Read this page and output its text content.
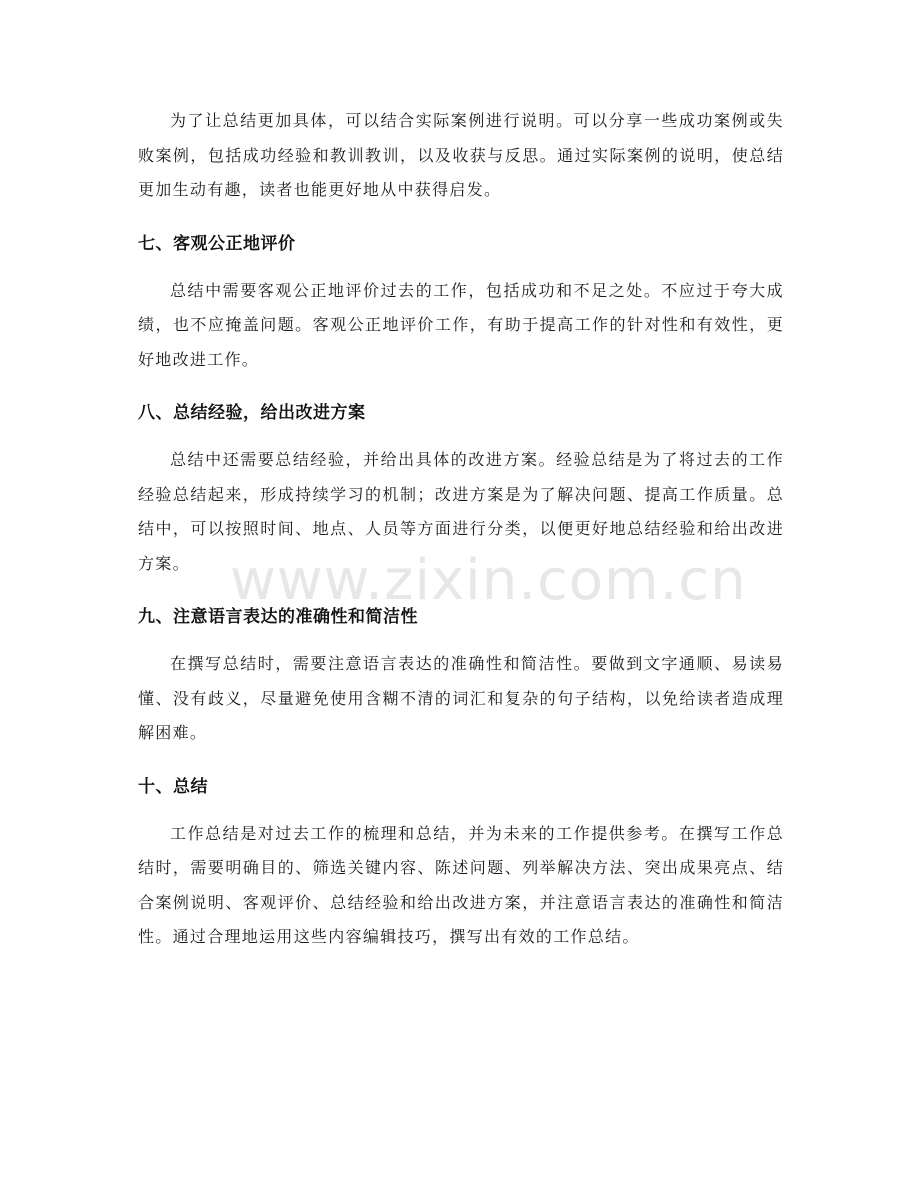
为了让总结更加具体，可以结合实际案例进行说明。可以分享一些成功案例或失败案例，包括成功经验和教训教训，以及收获与反思。通过实际案例的说明，使总结更加生动有趣，读者也能更好地从中获得启发。

七、客观公正地评价

总结中需要客观公正地评价过去的工作，包括成功和不足之处。不应过于夸大成绩，也不应掩盖问题。客观公正地评价工作，有助于提高工作的针对性和有效性，更好地改进工作。

八、总结经验，给出改进方案

总结中还需要总结经验，并给出具体的改进方案。经验总结是为了将过去的工作经验总结起来，形成持续学习的机制；改进方案是为了解决问题、提高工作质量。总结中，可以按照时间、地点、人员等方面进行分类，以便更好地总结经验和给出改进方案。

九、注意语言表达的准确性和简洁性

在撰写总结时，需要注意语言表达的准确性和简洁性。要做到文字通顺、易读易懂、没有歧义，尽量避免使用含糊不清的词汇和复杂的句子结构，以免给读者造成理解困难。

十、总结

工作总结是对过去工作的梳理和总结，并为未来的工作提供参考。在撰写工作总结时，需要明确目的、筛选关键内容、陈述问题、列举解决方法、突出成果亮点、结合案例说明、客观评价、总结经验和给出改进方案，并注意语言表达的准确性和简洁性。通过合理地运用这些内容编辑技巧，撰写出有效的工作总结。

www.zixin.com.cn
